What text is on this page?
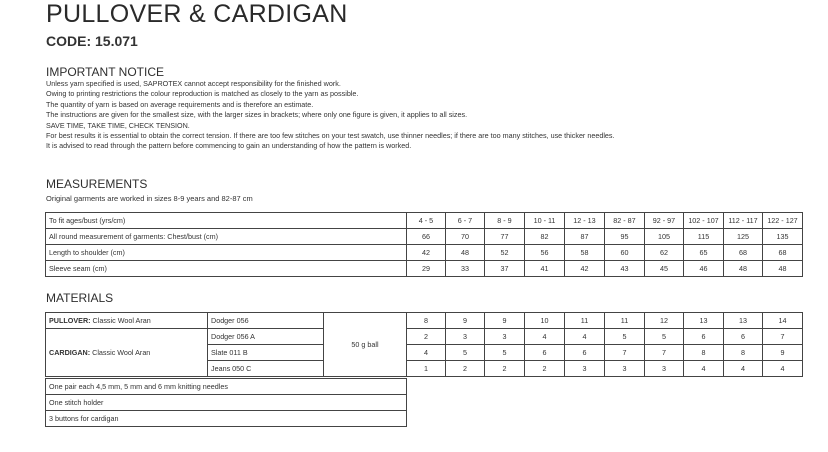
PULLOVER & CARDIGAN
CODE: 15.071
IMPORTANT NOTICE
Unless yarn specified is used, SAPROTEX cannot accept responsibility for the finished work.
Owing to printing restrictions the colour reproduction is matched as closely to the yarn as possible.
The quantity of yarn is based on average requirements and is therefore an estimate.
The instructions are given for the smallest size, with the larger sizes in brackets; where only one figure is given, it applies to all sizes.
SAVE TIME, TAKE TIME, CHECK TENSION.
For best results it is essential to obtain the correct tension. If there are too few stitches on your test swatch, use thinner needles; if there are too many stitches, use thicker needles.
It is advised to read through the pattern before commencing to gain an understanding of how the pattern is worked.
MEASUREMENTS
Original garments are worked in sizes 8-9 years and 82-87 cm
To fit ages/bust (yrs/cm)	4 - 5	6 - 7	8 - 9	10 - 11	12 - 13	82 - 87	92 - 97	102 - 107	112 - 117	122 - 127
All round measurement of garments: Chest/bust (cm)	66	70	77	82	87	95	105	115	125	135
Length to shoulder (cm)	42	48	52	56	58	60	62	65	68	68
Sleeve seam (cm)	29	33	37	41	42	43	45	46	48	48
MATERIALS
PULLOVER: Classic Wool Aran	Dodger 056	50 g ball	8	9	9	10	11	11	12	13	13	14
CARDIGAN: Classic Wool Aran	Dodger 056 A		2	3	3	4	4	5	5	6	6	7
	Slate 011 B		4	5	5	6	6	7	7	8	8	9
	Jeans 050 C		1	2	2	2	3	3	3	4	4	4
One pair each 4,5 mm, 5 mm and 6 mm knitting needles
One stitch holder
3 buttons for cardigan
